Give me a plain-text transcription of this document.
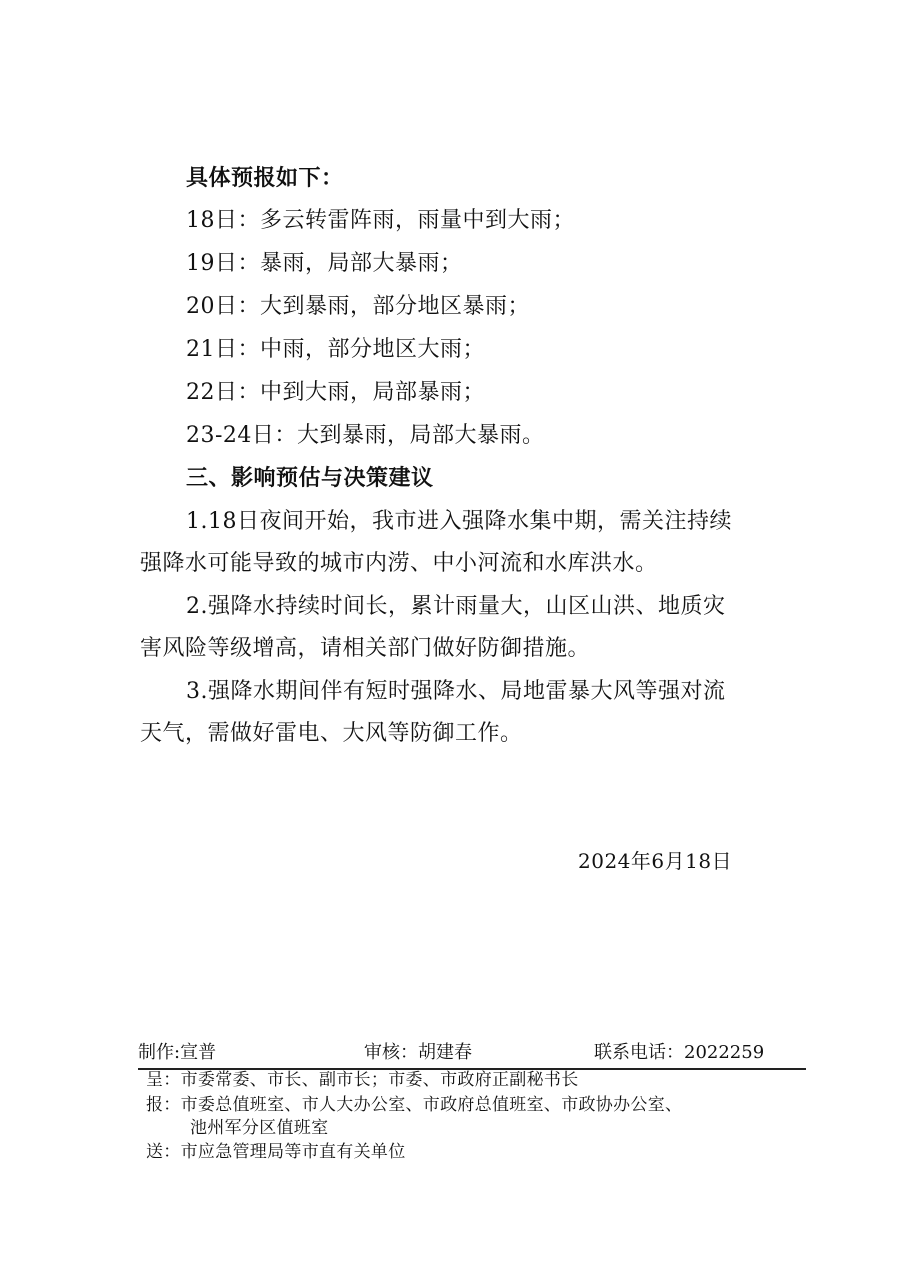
具体预报如下：
18日：多云转雷阵雨，雨量中到大雨；
19日：暴雨，局部大暴雨；
20日：大到暴雨，部分地区暴雨；
21日：中雨，部分地区大雨；
22日：中到大雨，局部暴雨；
23-24日：大到暴雨，局部大暴雨。
三、影响预估与决策建议
1.18日夜间开始，我市进入强降水集中期，需关注持续
强降水可能导致的城市内涝、中小河流和水库洪水。
2.强降水持续时间长，累计雨量大，山区山洪、地质灾
害风险等级增高，请相关部门做好防御措施。
3.强降水期间伴有短时强降水、局地雷暴大风等强对流
天气，需做好雷电、大风等防御工作。
2024年6月18日
制作:宣普	审核：胡建春	联系电话：2022259
呈：市委常委、市长、副市长；市委、市政府正副秘书长
报：市委总值班室、市人大办公室、市政府总值班室、市政协办公室、
池州军分区值班室
送：市应急管理局等市直有关单位
